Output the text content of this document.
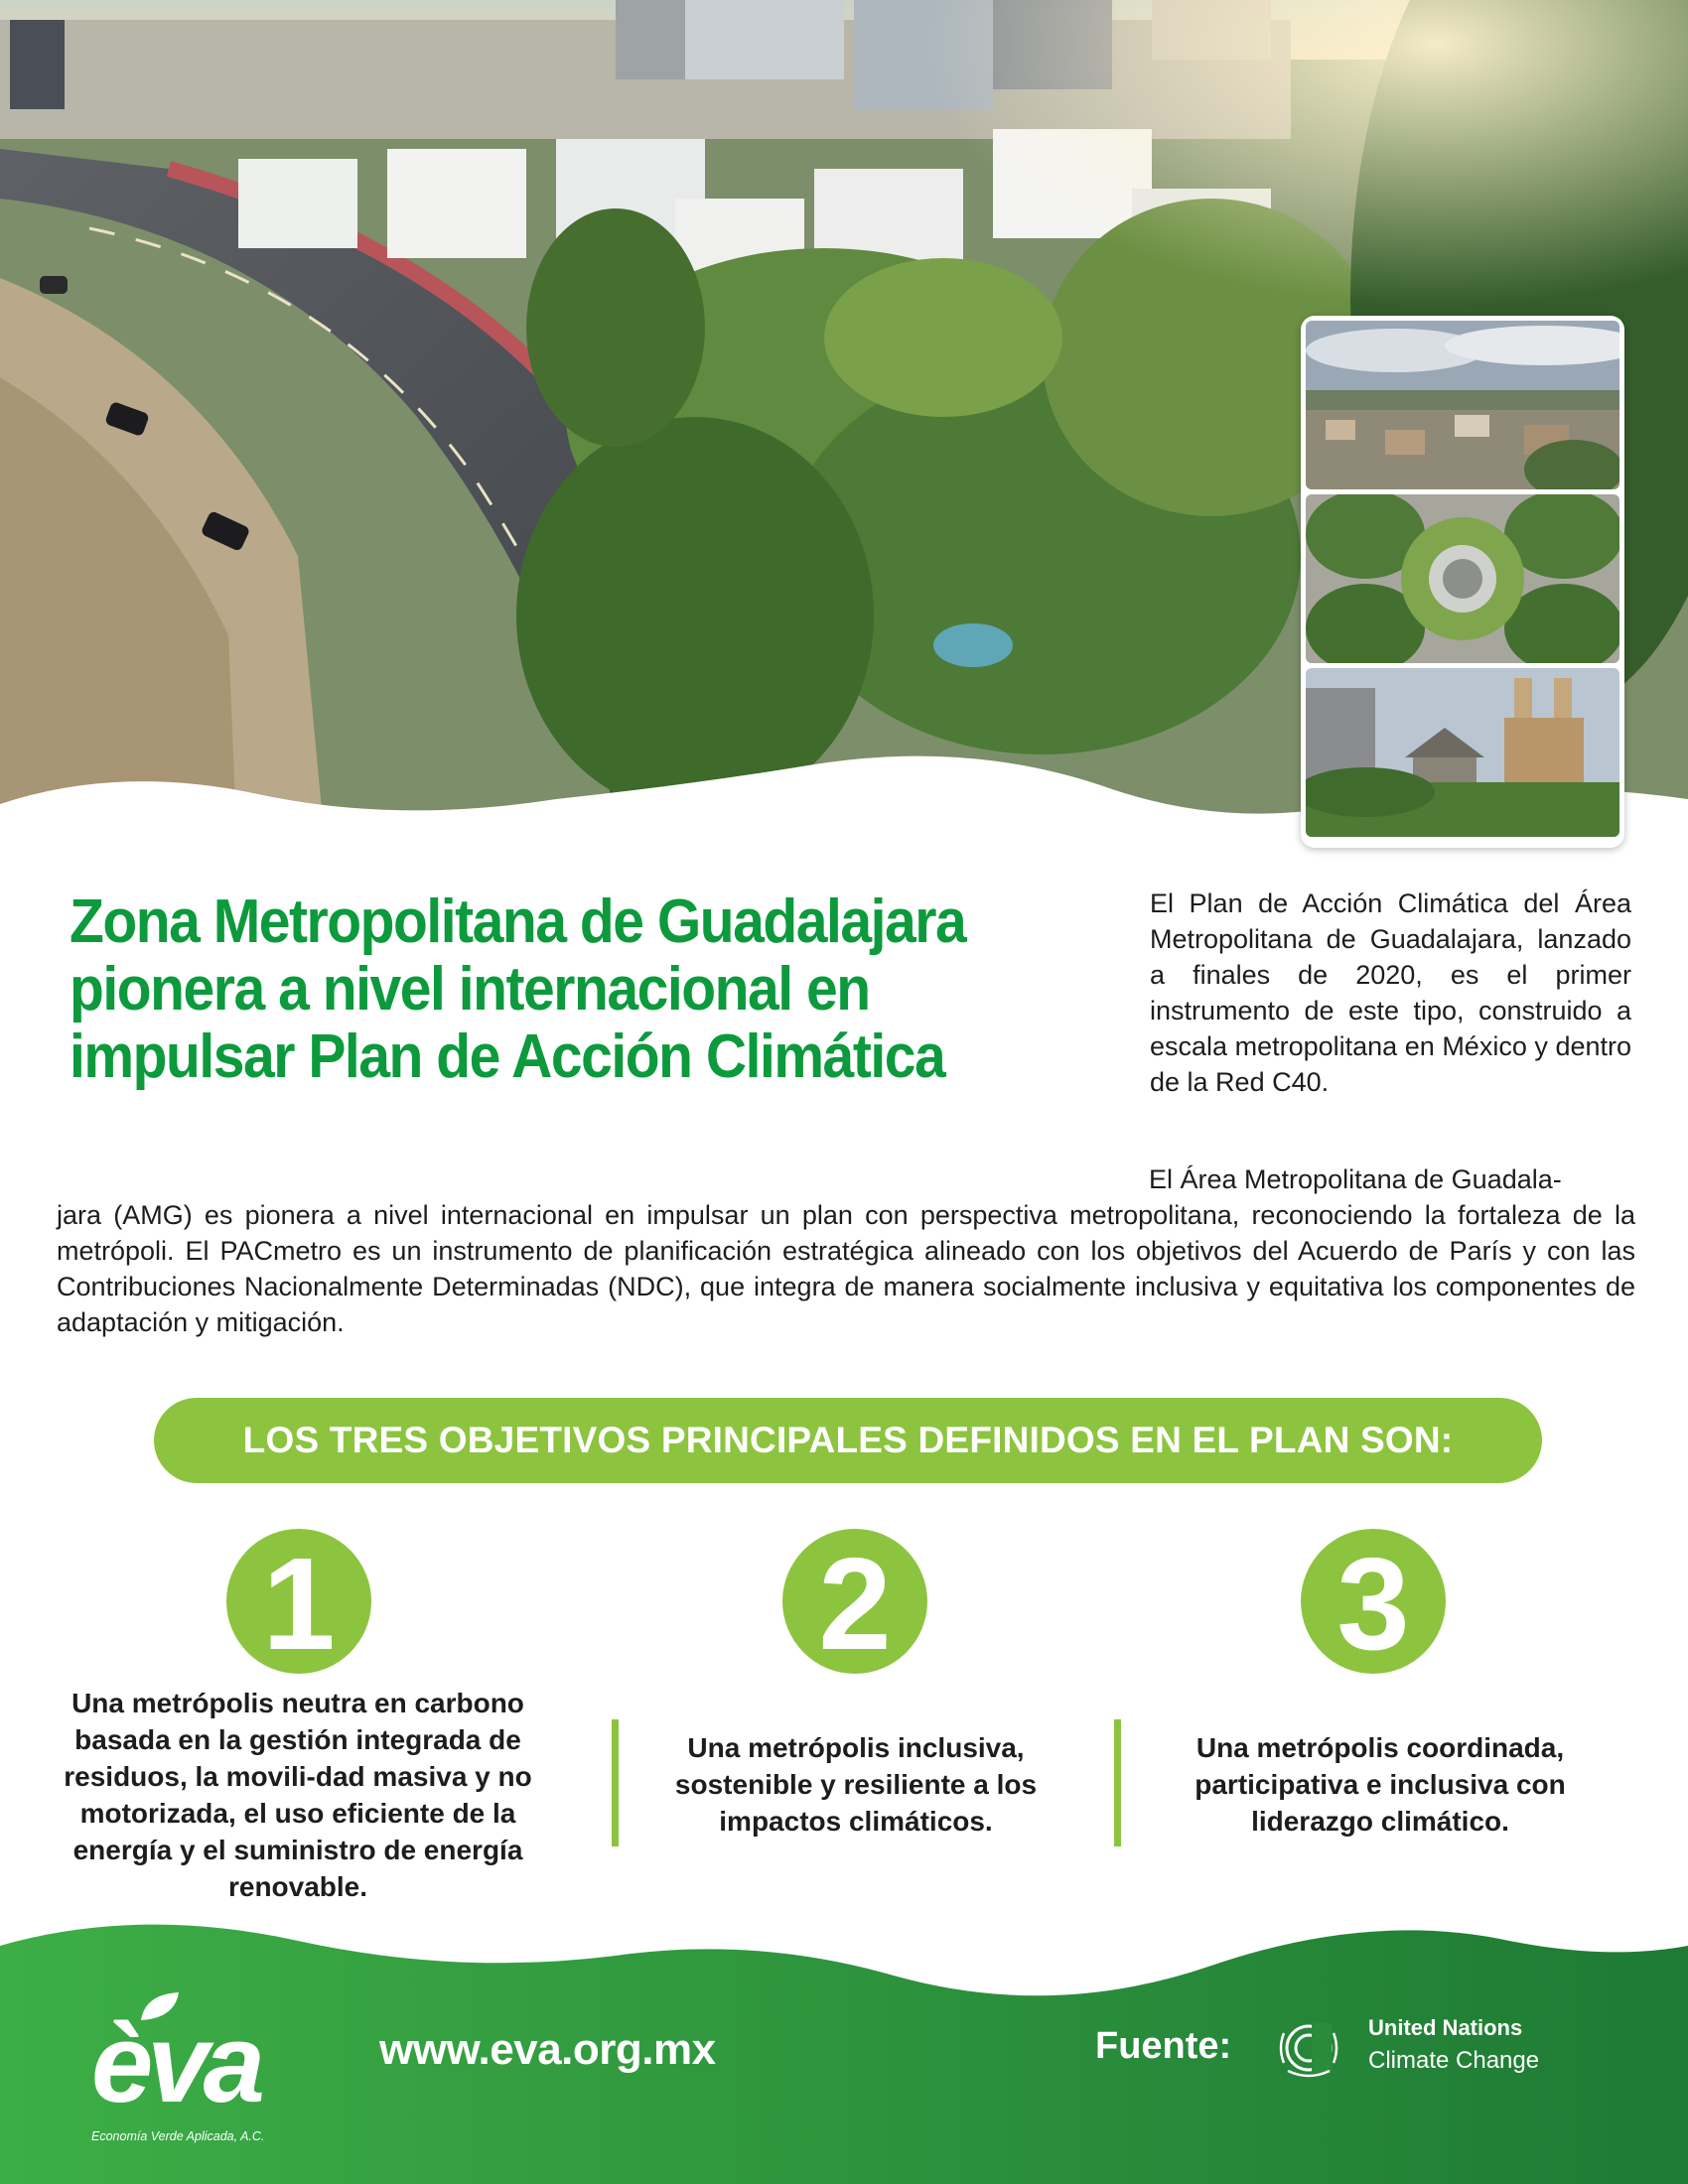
Zona Metropolitana de Guadalajara
pionera a nivel internacional en
impulsar Plan de Acción Climática

El Plan de Acción Climática del Área Metropolitana de Guadalajara, lanzado a finales de 2020, es el primer instrumento de este tipo, construido a escala metropolitana en México y dentro de la Red C40.

El Área Metropolitana de Guadala-
jara (AMG) es pionera a nivel internacional en impulsar un plan con perspectiva metropolitana, reconociendo la fortaleza de la metrópoli. El PACmetro es un instrumento de planificación estratégica alineado con los objetivos del Acuerdo de París y con las Contribuciones Nacionalmente Determinadas (NDC), que integra de manera socialmente inclusiva y equitativa los componentes de adaptación y mitigación.

LOS TRES OBJETIVOS PRINCIPALES DEFINIDOS EN EL PLAN SON:
1	2	3

Una metrópolis neutra en carbono basada en la gestión integrada de residuos, la movili-dad masiva y no motorizada, el uso eficiente de la energía y el suministro de energía renovable.

Una metrópolis inclusiva, sostenible y resiliente a los impactos climáticos.

Una metrópolis coordinada, participativa e inclusiva con liderazgo climático.

èva
Economía Verde Aplicada, A.C.
www.eva.org.mx	Fuente:	United Nations
Climate Change
